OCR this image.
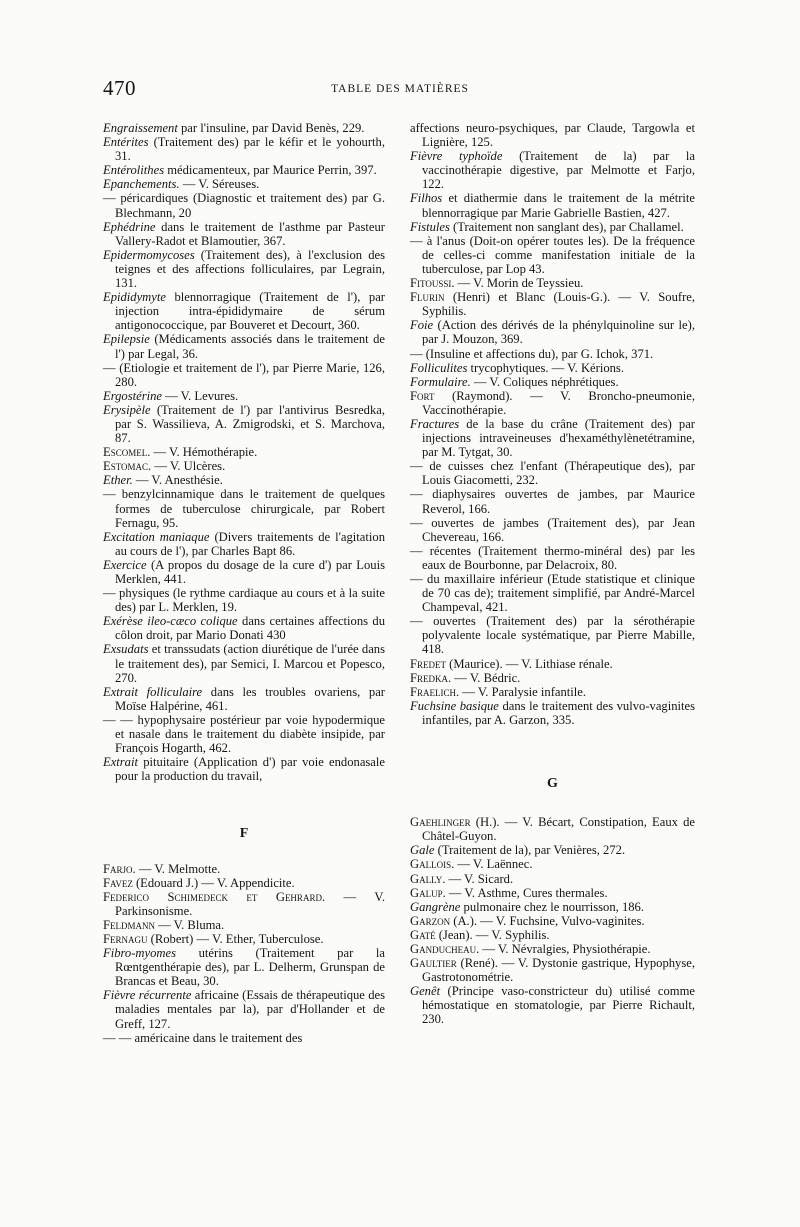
470	TABLE DES MATIÈRES

Engraissement par l'insuline, par David Benès, 229.

Entérites (Traitement des) par le kéfir et le yohourth, 31.

Entérolithes médicamenteux, par Maurice Perrin, 397.

Epanchements. — V. Séreuses.

— péricardiques (Diagnostic et traitement des) par G. Blechmann, 20

Ephédrine dans le traitement de l'asthme par Pasteur Vallery-Radot et Blamoutier, 367.

Epidermomycoses (Traitement des), à l'exclusion des teignes et des affections folliculaires, par Legrain, 131.

Epididymyte blennorragique (Traitement de l'), par injection intra-épididymaire de sérum antigonococcique, par Bouveret et Decourt, 360.

Epilepsie (Médicaments associés dans le traitement de l') par Legal, 36.

— (Etiologie et traitement de l'), par Pierre Marie, 126, 280.

Ergostérine — V. Levures.

Erysipèle (Traitement de l') par l'antivirus Besredka, par S. Wassilieva, A. Zmigrodski, et S. Marchova, 87.

Escomel. — V. Hémothérapie.

Estomac. — V. Ulcères.

Ether. — V. Anesthésie.

— benzylcinnamique dans le traitement de quelques formes de tuberculose chirurgicale, par Robert Fernagu, 95.

Excitation maniaque (Divers traitements de l'agitation au cours de l'), par Charles Bapt 86.

Exercice (A propos du dosage de la cure d') par Louis Merklen, 441.

— physiques (le rythme cardiaque au cours et à la suite des) par L. Merklen, 19.

Exérèse ileo-cæco colique dans certaines affections du côlon droit, par Mario Donati 430

Exsudats et transsudats (action diurétique de l'urée dans le traitement des), par Semici, I. Marcou et Popesco, 270.

Extrait folliculaire dans les troubles ovariens, par Moïse Halpérine, 461.

— — hypophysaire postérieur par voie hypodermique et nasale dans le traitement du diabète insipide, par François Hogarth, 462.

Extrait pituitaire (Application d') par voie endonasale pour la production du travail,

F

Farjo. — V. Melmotte.

Favez (Edouard J.) — V. Appendicite.

Federico Schimedeck et Gehrard. — V. Parkinsonisme.

Feldmann — V. Bluma.

Fernagu (Robert) — V. Ether, Tuberculose.

Fibro-myomes utérins (Traitement par la Rœntgenthérapie des), par L. Delherm, Grunspan de Brancas et Beau, 30.

Fièvre récurrente africaine (Essais de thérapeutique des maladies mentales par la), par d'Hollander et de Greff, 127.

— — américaine dans le traitement des

affections neuro-psychiques, par Claude, Targowla et Lignière, 125.

Fièvre typhoïde (Traitement de la) par la vaccinothérapie digestive, par Melmotte et Farjo, 122.

Filhos et diathermie dans le traitement de la métrite blennorragique par Marie Gabrielle Bastien, 427.

Fistules (Traitement non sanglant des), par Challamel.

— à l'anus (Doit-on opérer toutes les). De la fréquence de celles-ci comme manifestation initiale de la tuberculose, par Lop 43.

Fitoussi. — V. Morin de Teyssieu.

Flurin (Henri) et Blanc (Louis-G.). — V. Soufre, Syphilis.

Foie (Action des dérivés de la phénylquinoline sur le), par J. Mouzon, 369.

— (Insuline et affections du), par G. Ichok, 371.

Folliculites trycophytiques. — V. Kérions.

Formulaire. — V. Coliques néphrétiques.

Fort (Raymond). — V. Broncho-pneumonie, Vaccinothérapie.

Fractures de la base du crâne (Traitement des) par injections intraveineuses d'hexaméthylènetétramine, par M. Tytgat, 30.

— de cuisses chez l'enfant (Thérapeutique des), par Louis Giacometti, 232.

— diaphysaires ouvertes de jambes, par Maurice Reverol, 166.

— ouvertes de jambes (Traitement des), par Jean Chevereau, 166.

— récentes (Traitement thermo-minéral des) par les eaux de Bourbonne, par Delacroix, 80.

— du maxillaire inférieur (Etude statistique et clinique de 70 cas de); traitement simplifié, par André-Marcel Champeval, 421.

— ouvertes (Traitement des) par la sérothérapie polyvalente locale systématique, par Pierre Mabille, 418.

Fredet (Maurice). — V. Lithiase rénale.

Fredka. — V. Bédric.

Fraelich. — V. Paralysie infantile.

Fuchsine basique dans le traitement des vulvo-vaginites infantiles, par A. Garzon, 335.

G

Gaehlinger (H.). — V. Bécart, Constipation, Eaux de Châtel-Guyon.

Gale (Traitement de la), par Venières, 272.

Gallois. — V. Laënnec.

Gally. — V. Sicard.

Galup. — V. Asthme, Cures thermales.

Gangrène pulmonaire chez le nourrisson, 186.

Garzon (A.). — V. Fuchsine, Vulvo-vaginites.

Gaté (Jean). — V. Syphilis.

Ganduchеau. — V. Névralgies, Physiothérapie.

Gaultier (René). — V. Dystonie gastrique, Hypophyse, Gastrotonométrie.

Genêt (Principe vaso-constricteur du) utilisé comme hémostatique en stomatologie, par Pierre Richault, 230.
